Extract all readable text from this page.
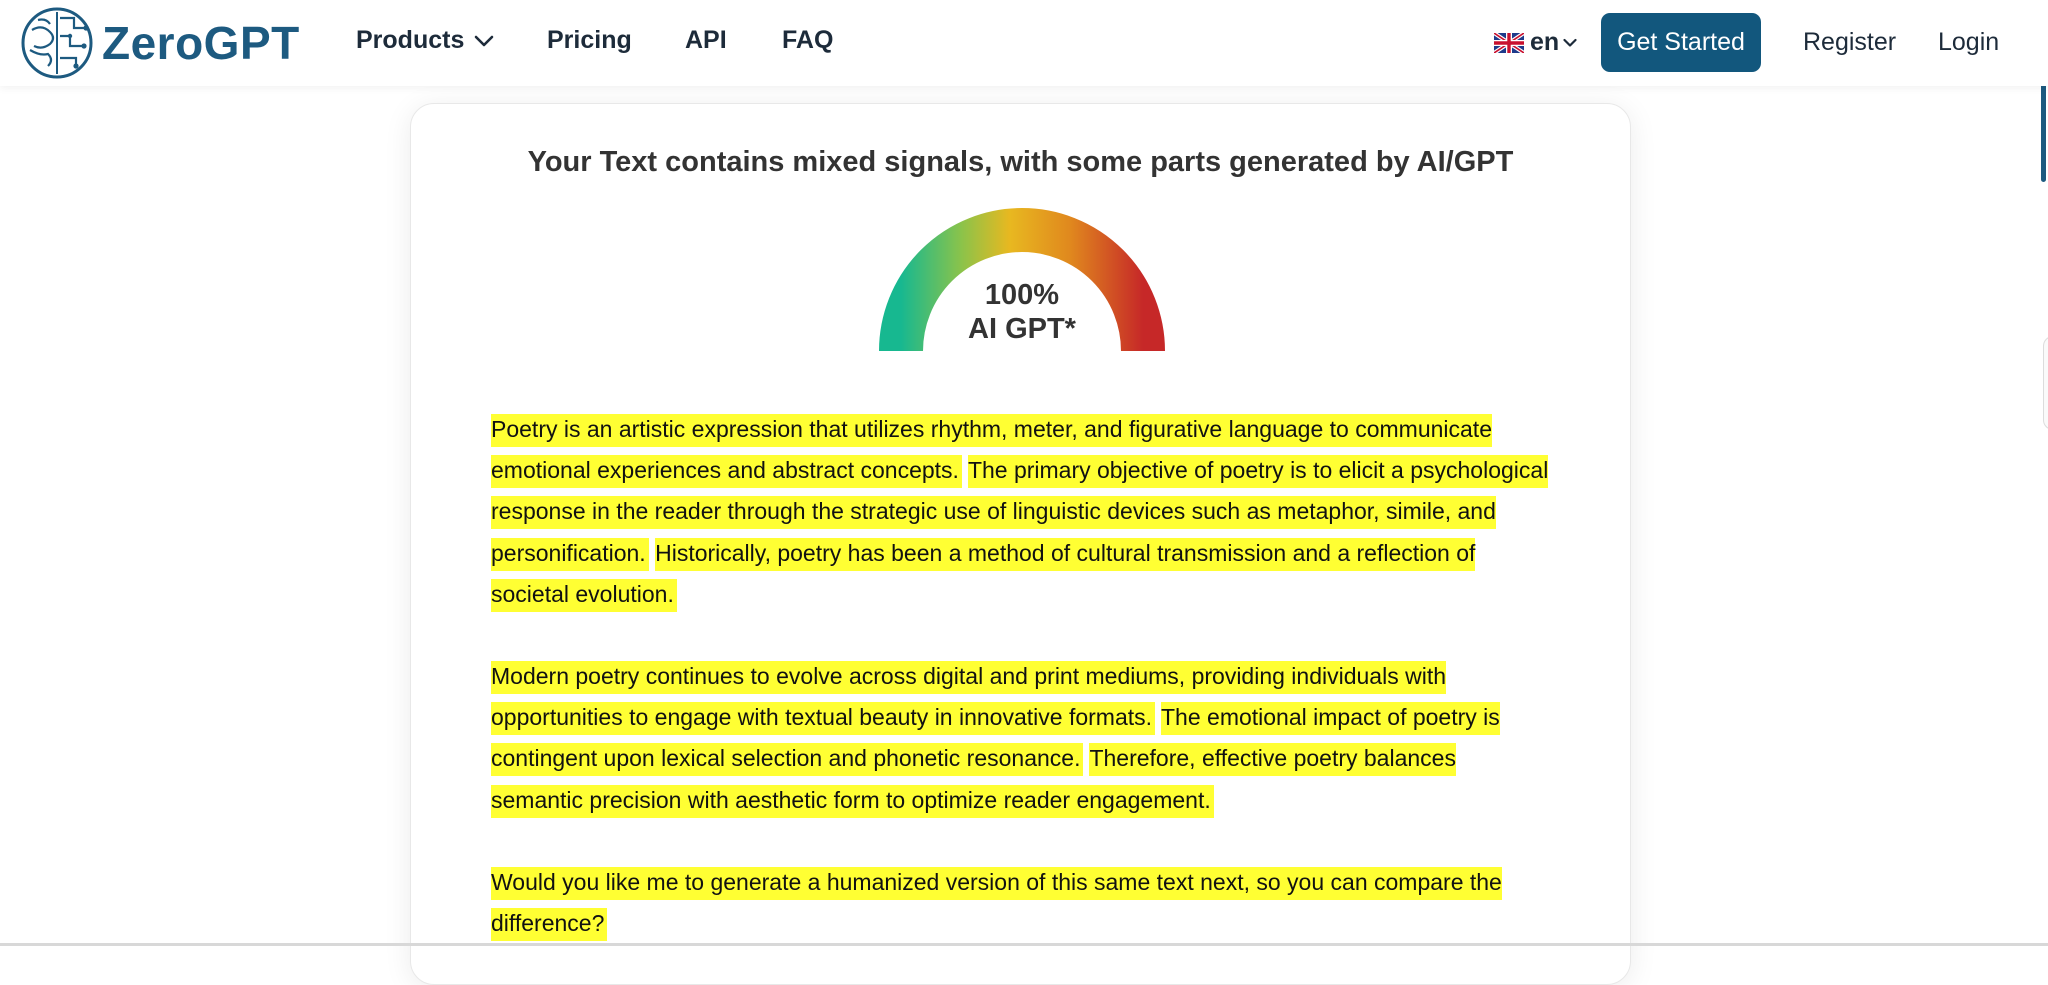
ZeroGPT Products	Pricing API FAQ	en	Get Started	Register Login
Your Text contains mixed signals, with some parts generated by AI/GPT
100%
AI GPT*

Poetry is an artistic expression that utilizes rhythm, meter, and figurative language to communicate emotional experiences and abstract concepts. The primary objective of poetry is to elicit a psychological response in the reader through the strategic use of linguistic devices such as metaphor, simile, and personification. Historically, poetry has been a method of cultural transmission and a reflection of societal evolution.

Modern poetry continues to evolve across digital and print mediums, providing individuals with opportunities to engage with textual beauty in innovative formats. The emotional impact of poetry is contingent upon lexical selection and phonetic resonance. Therefore, effective poetry balances semantic precision with aesthetic form to optimize reader engagement.

Would you like me to generate a humanized version of this same text next, so you can compare the difference?
